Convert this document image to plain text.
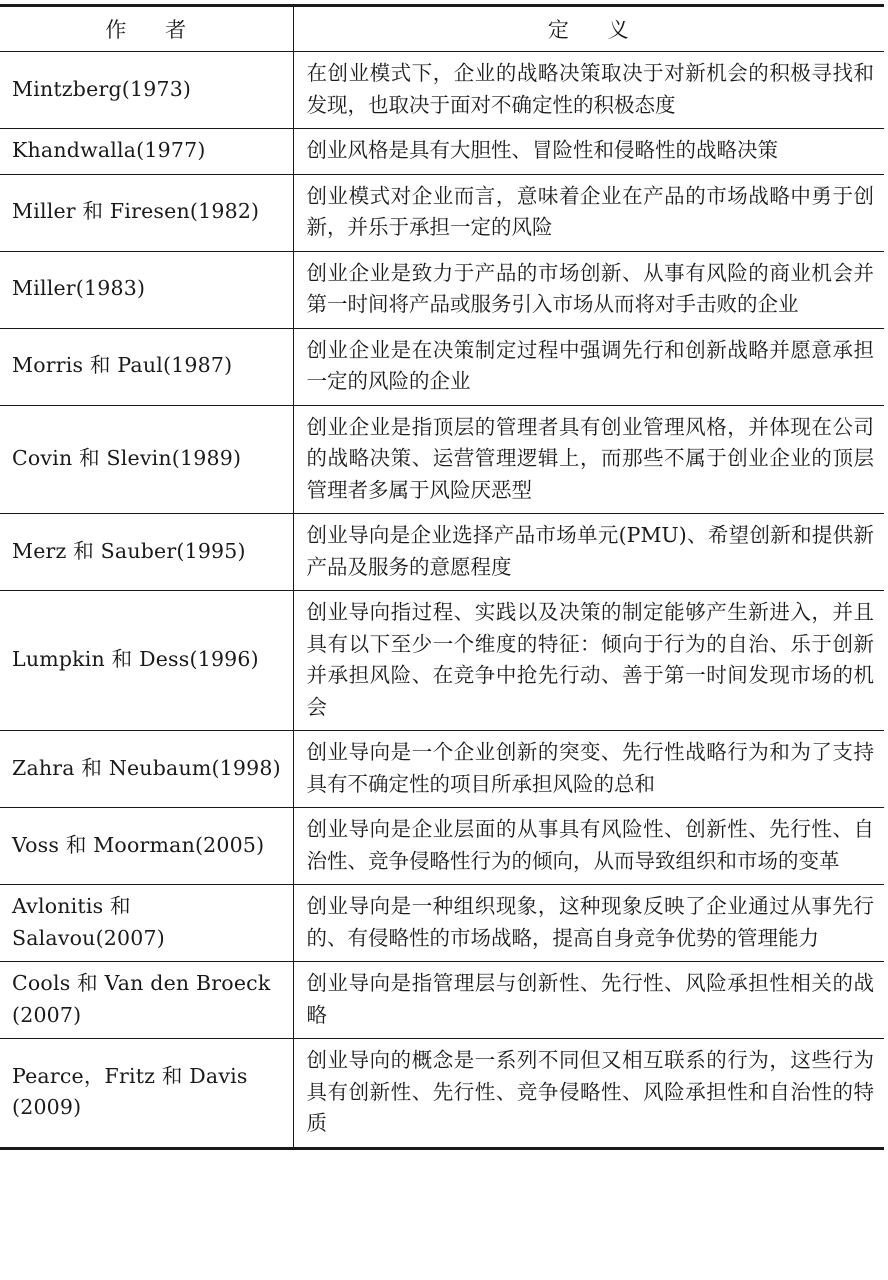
作 者	定 义
Mintzberg(1973)	在创业模式下，企业的战略决策取决于对新机会的积极寻找和发现，也取决于面对不确定性的积极态度
Khandwalla(1977)	创业风格是具有大胆性、冒险性和侵略性的战略决策
Miller 和 Firesen(1982)	创业模式对企业而言，意味着企业在产品的市场战略中勇于创新，并乐于承担一定的风险
Miller(1983)	创业企业是致力于产品的市场创新、从事有风险的商业机会并第一时间将产品或服务引入市场从而将对手击败的企业
Morris 和 Paul(1987)	创业企业是在决策制定过程中强调先行和创新战略并愿意承担一定的风险的企业
Covin 和 Slevin(1989)	创业企业是指顶层的管理者具有创业管理风格，并体现在公司的战略决策、运营管理逻辑上，而那些不属于创业企业的顶层管理者多属于风险厌恶型
Merz 和 Sauber(1995)	创业导向是企业选择产品市场单元(PMU)、希望创新和提供新产品及服务的意愿程度
Lumpkin 和 Dess(1996)	创业导向指过程、实践以及决策的制定能够产生新进入，并且具有以下至少一个维度的特征：倾向于行为的自治、乐于创新并承担风险、在竞争中抢先行动、善于第一时间发现市场的机会
Zahra 和 Neubaum(1998)	创业导向是一个企业创新的突变、先行性战略行为和为了支持具有不确定性的项目所承担风险的总和
Voss 和 Moorman(2005)	创业导向是企业层面的从事具有风险性、创新性、先行性、自治性、竞争侵略性行为的倾向，从而导致组织和市场的变革
Avlonitis 和 Salavou(2007)	创业导向是一种组织现象，这种现象反映了企业通过从事先行的、有侵略性的市场战略，提高自身竞争优势的管理能力
Cools 和 Van den Broeck (2007)	创业导向是指管理层与创新性、先行性、风险承担性相关的战略
Pearce，Fritz 和 Davis (2009)	创业导向的概念是一系列不同但又相互联系的行为，这些行为具有创新性、先行性、竞争侵略性、风险承担性和自治性的特质
